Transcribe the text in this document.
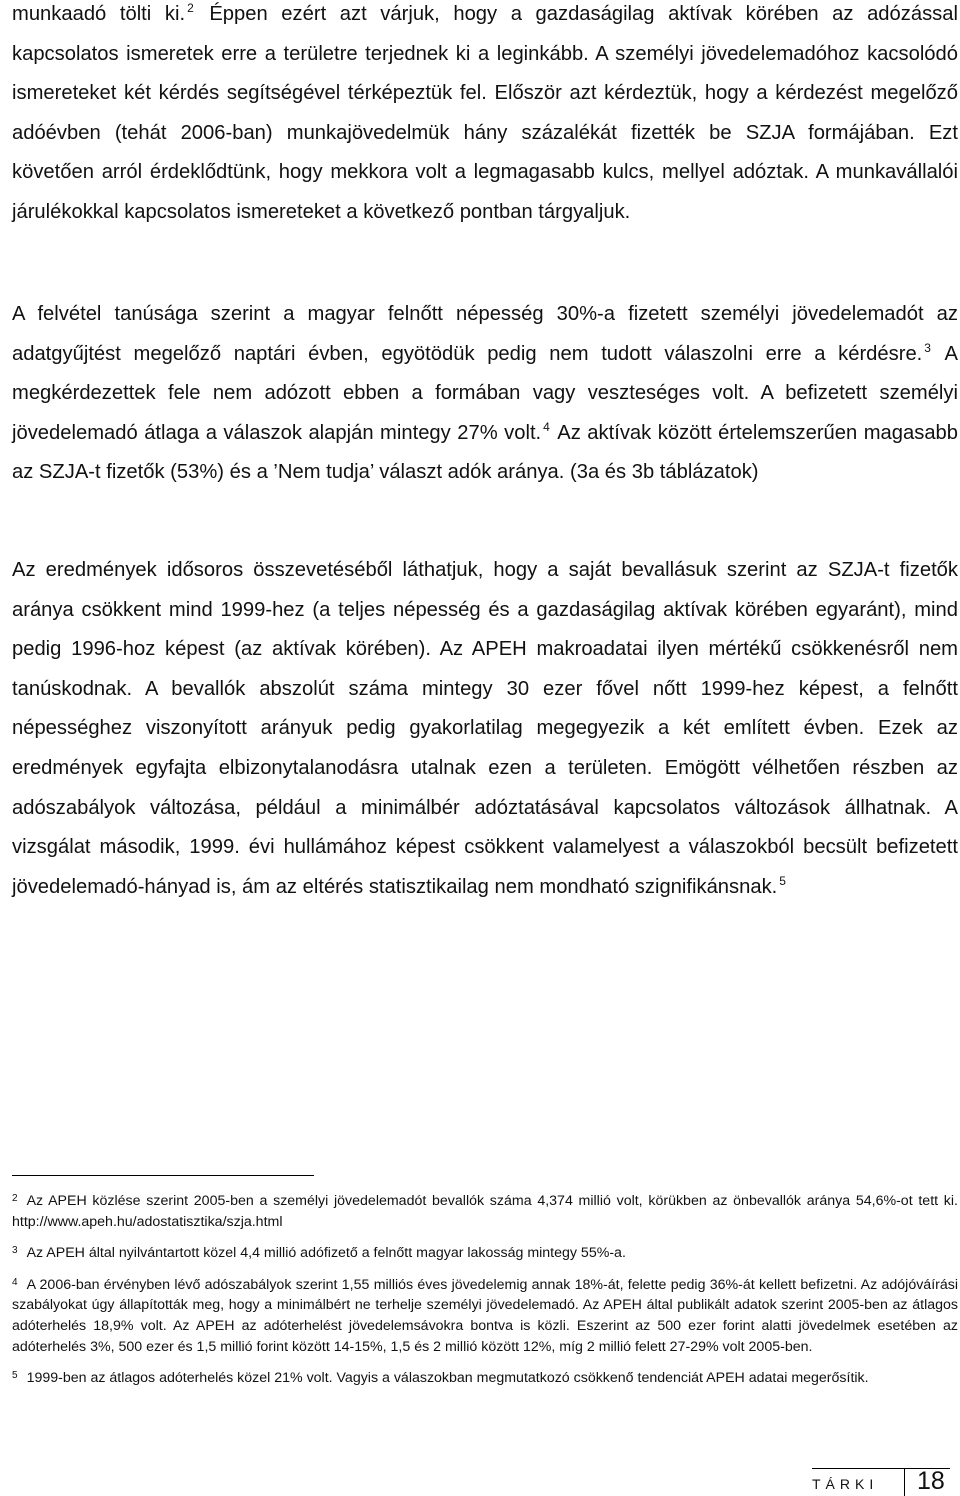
munkaadó tölti ki. $^2$ Éppen ezért azt várjuk, hogy a gazdaságilag aktívak körében az adózással kapcsolatos ismeretek erre a területre terjednek ki a leginkább. A személyi jövedelemadóhoz kacsolódó ismereteket két kérdés segítségével térképeztük fel. Először azt kérdeztük, hogy a kérdezést megelőző adóévben (tehát 2006-ban) munkajövedelmük hány százalékát fizették be SZJA formájában. Ezt követően arról érdeklődtünk, hogy mekkora volt a legmagasabb kulcs, mellyel adóztak. A munkavállalói járulékokkal kapcsolatos ismereteket a következő pontban tárgyaljuk.

A felvétel tanúsága szerint a magyar felnőtt népesség 30%-a fizetett személyi jövedelemadót az adatgyűjtést megelőző naptári évben, egyötödük pedig nem tudott válaszolni erre a kérdésre. $^3$ A megkérdezettek fele nem adózott ebben a formában vagy veszteséges volt. A befizetett személyi jövedelemadó átlaga a válaszok alapján mintegy 27% volt. $^4$ Az aktívak között értelemszerűen magasabb az SZJA-t fizetők (53%) és a ’Nem tudja’ választ adók aránya. (3a és 3b táblázatok)

Az eredmények idősoros összevetéséből láthatjuk, hogy a saját bevallásuk szerint az SZJA-t fizetők aránya csökkent mind 1999-hez (a teljes népesség és a gazdaságilag aktívak körében egyaránt), mind pedig 1996-hoz képest (az aktívak körében). Az APEH makroadatai ilyen mértékű csökkenésről nem tanúskodnak. A bevallók abszolút száma mintegy 30 ezer fővel nőtt 1999-hez képest, a felnőtt népességhez viszonyított arányuk pedig gyakorlatilag megegyezik a két említett évben. Ezek az eredmények egyfajta elbizonytalanodásra utalnak ezen a területen. Emögött vélhetően részben az adószabályok változása, például a minimálbér adóztatásával kapcsolatos változások állhatnak. A vizsgálat második, 1999. évi hullámához képest csökkent valamelyest a válaszokból becsült befizetett jövedelemadó-hányad is, ám az eltérés statisztikailag nem mondható szignifikánsnak. $^5$

$^2$ Az APEH közlése szerint 2005-ben a személyi jövedelemadót bevallók száma 4,374 millió volt, körükben az önbevallók aránya 54,6%-ot tett ki. http://www.apeh.hu/adostatisztika/szja.html

$^3$ Az APEH által nyilvántartott közel 4,4 millió adófizető a felnőtt magyar lakosság mintegy 55%-a.

$^4$ A 2006-ban érvényben lévő adószabályok szerint 1,55 milliós éves jövedelemig annak 18%-át, felette pedig 36%-át kellett befizetni. Az adójóváírási szabályokat úgy állapították meg, hogy a minimálbért ne terhelje személyi jövedelemadó. Az APEH által publikált adatok szerint 2005-ben az átlagos adóterhelés 18,9% volt. Az APEH az adóterhelést jövedelemsávokra bontva is közli. Eszerint az 500 ezer forint alatti jövedelmek esetében az adóterhelés 3%, 500 ezer és 1,5 millió forint között 14-15%, 1,5 és 2 millió között 12%, míg 2 millió felett 27-29% volt 2005-ben.

$^5$ 1999-ben az átlagos adóterhelés közel 21% volt. Vagyis a válaszokban megmutatkozó csökkenő tendenciát APEH adatai megerősítik.

TÁRKI 18
